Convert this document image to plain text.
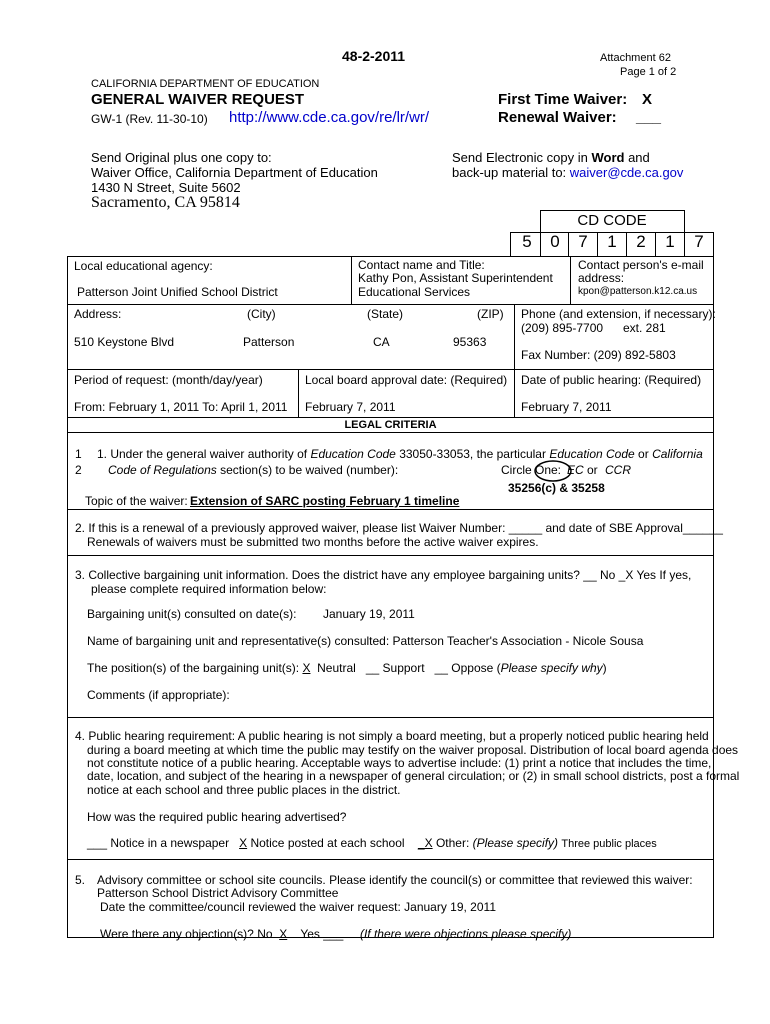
48-2-2011	Attachment 62
Page 1 of 2
CALIFORNIA DEPARTMENT OF EDUCATION
GENERAL WAIVER REQUEST
GW-1 (Rev. 11-30-10) http://www.cde.ca.gov/re/lr/wr/
First Time Waiver: X
Renewal Waiver: ___
Send Original plus one copy to:
Waiver Office, California Department of Education
1430 N Street, Suite 5602
Sacramento, CA 95814
Send Electronic copy in Word and
back-up material to: waiver@cde.ca.gov
CD CODE
5	0	7	1	2	1	7
Local educational agency:
Patterson Joint Unified School District
Contact name and Title:
Kathy Pon, Assistant Superintendent
Educational Services
Contact person's e-mail
address:
kpon@patterson.k12.ca.us
Address:	(City)	(State)	(ZIP)
510 Keystone Blvd	Patterson	CA	95363
Phone (and extension, if necessary):
(209) 895-7700 ext. 281
Fax Number: (209) 892-5803
Period of request: (month/day/year)
From: February 1, 2011 To: April 1, 2011
Local board approval date: (Required)
February 7, 2011
Date of public hearing: (Required)
February 7, 2011
LEGAL CRITERIA
1
2
1. Under the general waiver authority of Education Code 33050-33053, the particular Education Code or California
Code of Regulations section(s) to be waived (number):	Circle One: EC or CCR
35256(c) & 35258
Topic of the waiver: Extension of SARC posting February 1 timeline
2. If this is a renewal of a previously approved waiver, please list Waiver Number: _____ and date of SBE Approval______
Renewals of waivers must be submitted two months before the active waiver expires.
3. Collective bargaining unit information. Does the district have any employee bargaining units? __ No _X Yes If yes,
please complete required information below:
Bargaining unit(s) consulted on date(s): January 19, 2011
Name of bargaining unit and representative(s) consulted: Patterson Teacher's Association - Nicole Sousa
The position(s) of the bargaining unit(s): X Neutral __ Support __ Oppose (Please specify why)
Comments (if appropriate):
4. Public hearing requirement: A public hearing is not simply a board meeting, but a properly noticed public hearing held
during a board meeting at which time the public may testify on the waiver proposal. Distribution of local board agenda does
not constitute notice of a public hearing. Acceptable ways to advertise include: (1) print a notice that includes the time,
date, location, and subject of the hearing in a newspaper of general circulation; or (2) in small school districts, post a formal
notice at each school and three public places in the district.
How was the required public hearing advertised?
___ Notice in a newspaper X Notice posted at each school _X Other: (Please specify) Three public places
5. Advisory committee or school site councils. Please identify the council(s) or committee that reviewed this waiver:
Patterson School District Advisory Committee
Date the committee/council reviewed the waiver request: January 19, 2011
Were there any objection(s)? No X Yes ___ (If there were objections please specify)
